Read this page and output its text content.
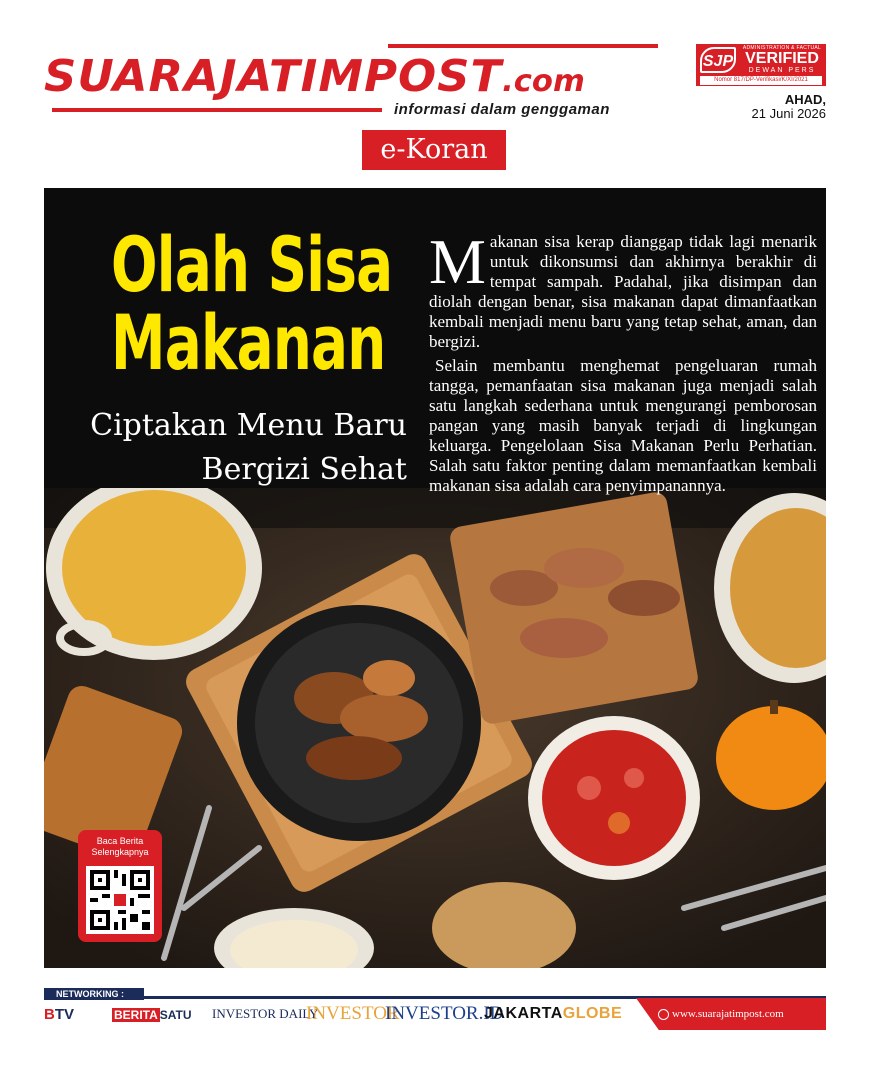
SUARAJATIMPOST.com
informasi dalam genggaman
e-Koran
SJP
ADMINISTRATION & FACTUAL
VERIFIED
DEWAN PERS
Nomor 817/DP-Verifikasi/K/XI/2021
AHAD,
21 Juni 2026
Olah Sisa
Makanan
Ciptakan Menu Baru
Bergizi Sehat

Makanan sisa kerap dianggap tidak lagi menarik untuk dikonsumsi dan akhirnya berakhir di tempat sampah. Padahal, jika disimpan dan diolah dengan benar, sisa makanan dapat dimanfaatkan kembali menjadi menu baru yang tetap sehat, aman, dan bergizi.

Selain membantu menghemat pengeluaran rumah tangga, pemanfaatan sisa makanan juga menjadi salah satu langkah sederhana untuk mengurangi pemborosan pangan yang masih banyak terjadi di lingkungan keluarga. Pengelolaan Sisa Makanan Perlu Perhatian. Salah satu faktor penting dalam memanfaatkan kembali makanan sisa adalah cara penyimpanannya.

Ilustrasi: freepik.com	Baca Berita Selengkapnya
NETWORKING :
BTV	BERITA SATU INVESTOR DAILY
INVESTOR
INVESTOR.ID
JAKARTAGLOBE	www.suarajatimpost.com
